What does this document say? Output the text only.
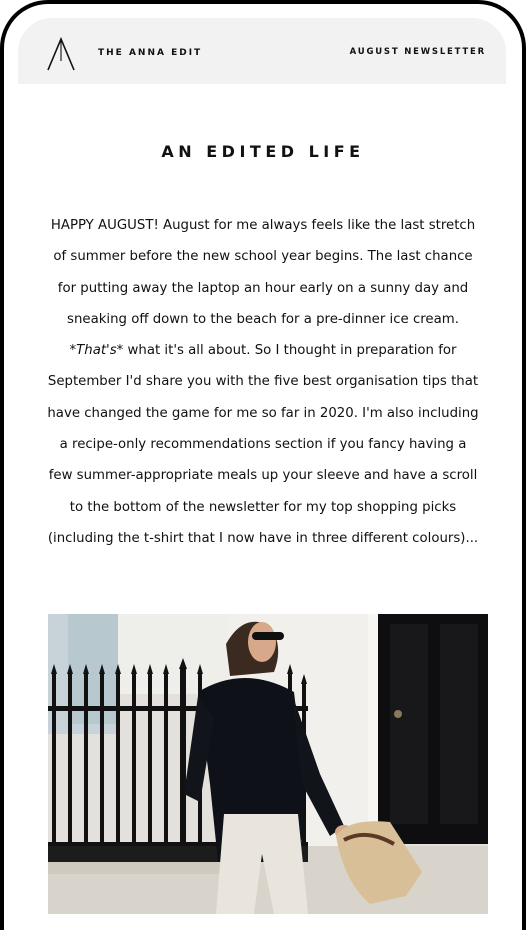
THE ANNA EDIT	AUGUST NEWSLETTER
AN EDITED LIFE

HAPPY AUGUST! August for me always feels like the last stretch of summer before the new school year begins. The last chance for putting away the laptop an hour early on a sunny day and sneaking off down to the beach for a pre-dinner ice cream. *That's* what it's all about. So I thought in preparation for September I'd share you with the five best organisation tips that have changed the game for me so far in 2020. I'm also including a recipe-only recommendations section if you fancy having a few summer-appropriate meals up your sleeve and have a scroll to the bottom of the newsletter for my top shopping picks (including the t-shirt that I now have in three different colours)...
